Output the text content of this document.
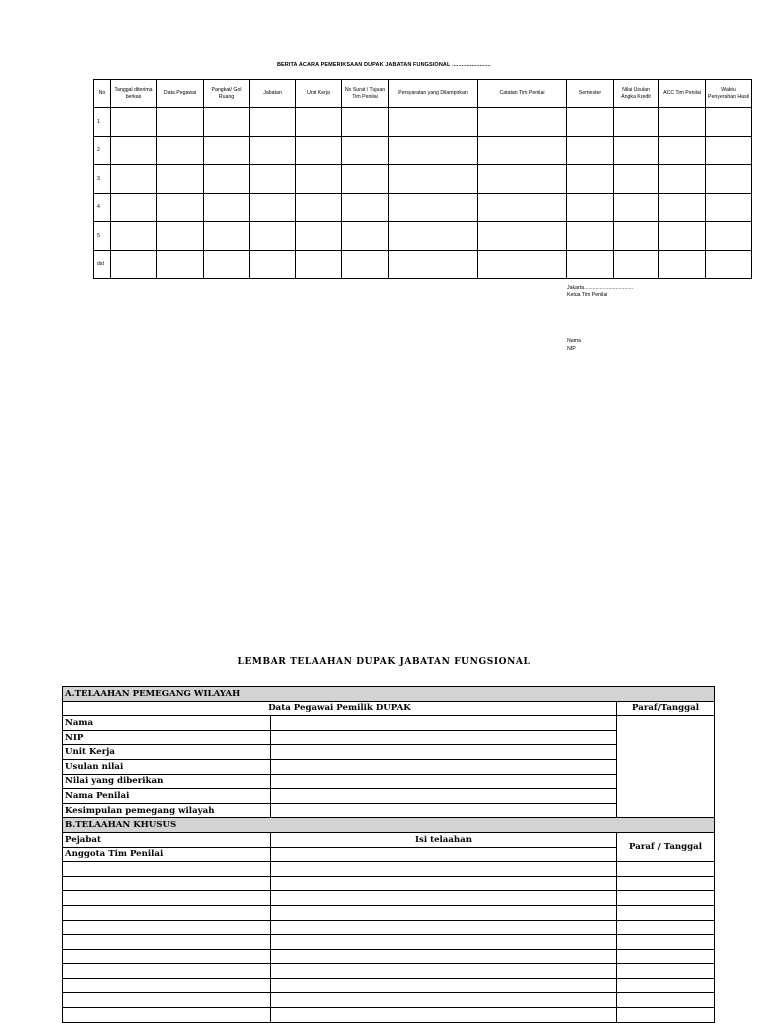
BERITA ACARA PEMERIKSAAN DUPAK JABATAN FUNGSIONAL ........................
No	Tanggal diterima berkas	Data Pegawai	Pangkat/ Gol Ruang	Jabatan	Unit Kerja	No Surat / Tujuan Tim Penilai	Persyaratan yang Dilampirkan	Catatan Tim Penilai	Semester	Nilai Usulan Angka Kredit	ACC Tim Penilai	Waktu Penyerahan Hasil
1												
2												
3												
4												
5												
dst												
Jakarta..................................
Ketua Tim Penilai
Nama
NIP
LEMBAR TELAAHAN DUPAK JABATAN FUNGSIONAL
A.TELAAHAN PEMEGANG WILAYAH		
Data Pegawai Pemilik DUPAK		Paraf/Tanggal
Nama		
NIP		
Unit Kerja		
Usulan nilai		
Nilai yang diberikan		
Nama Penilai		
Kesimpulan pemegang wilayah		
B.TELAAHAN KHUSUS		
Pejabat	Isi telaahan	Paraf / Tanggal
Anggota Tim Penilai		
